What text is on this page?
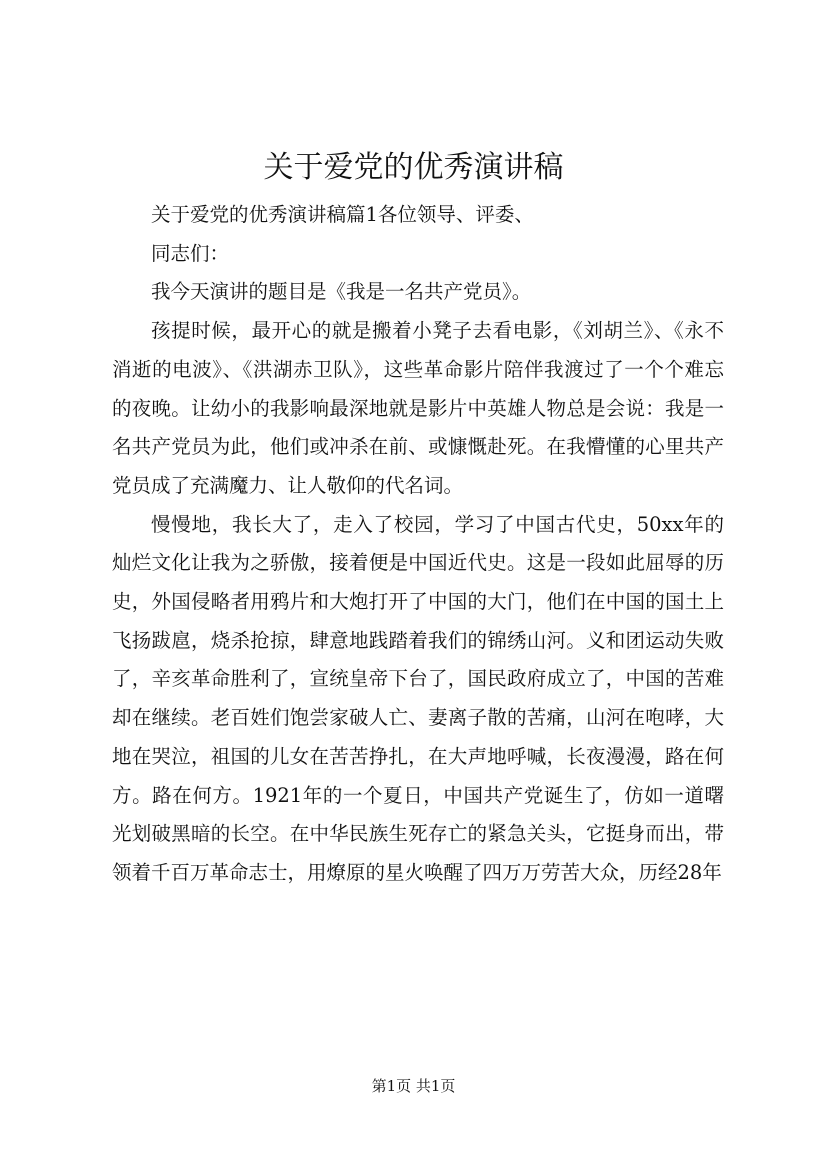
关于爱党的优秀演讲稿

关于爱党的优秀演讲稿篇1各位领导、评委、

同志们：

我今天演讲的题目是《我是一名共产党员》。

孩提时候，最开心的就是搬着小凳子去看电影，《刘胡兰》、《永不消逝的电波》、《洪湖赤卫队》，这些革命影片陪伴我渡过了一个个难忘的夜晚。让幼小的我影响最深地就是影片中英雄人物总是会说：我是一名共产党员为此，他们或冲杀在前、或慷慨赴死。在我懵懂的心里共产党员成了充满魔力、让人敬仰的代名词。

慢慢地，我长大了，走入了校园，学习了中国古代史，50xx年的灿烂文化让我为之骄傲，接着便是中国近代史。这是一段如此屈辱的历史，外国侵略者用鸦片和大炮打开了中国的大门，他们在中国的国土上飞扬跋扈，烧杀抢掠，肆意地践踏着我们的锦绣山河。义和团运动失败了，辛亥革命胜利了，宣统皇帝下台了，国民政府成立了，中国的苦难却在继续。老百姓们饱尝家破人亡、妻离子散的苦痛，山河在咆哮，大地在哭泣，祖国的儿女在苦苦挣扎，在大声地呼喊，长夜漫漫，路在何方。路在何方。1921年的一个夏日，中国共产党诞生了，仿如一道曙光划破黑暗的长空。在中华民族生死存亡的紧急关头，它挺身而出，带领着千百万革命志士，用燎原的星火唤醒了四万万劳苦大众，历经28年

第1页 共1页
